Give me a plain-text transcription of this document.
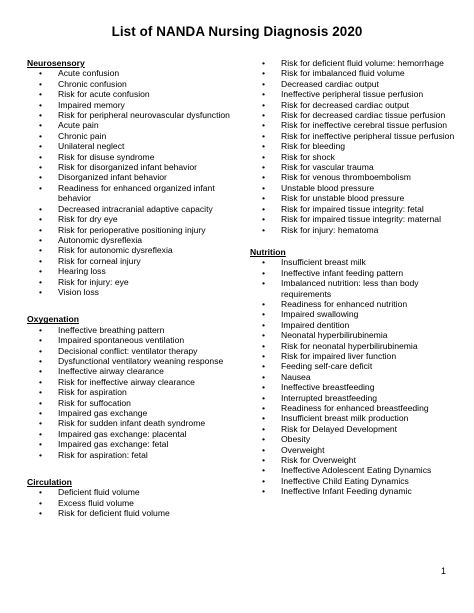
List of NANDA Nursing Diagnosis 2020
Neurosensory
• Acute confusion
• Chronic confusion
• Risk for acute confusion
• Impaired memory
• Risk for peripheral neurovascular dysfunction
• Acute pain
• Chronic pain
• Unilateral neglect
• Risk for disuse syndrome
• Risk for disorganized infant behavior
• Disorganized infant behavior
• Readiness for enhanced organized infant behavior
• Decreased intracranial adaptive capacity
• Risk for dry eye
• Risk for perioperative positioning injury
• Autonomic dysreflexia
• Risk for autonomic dysreflexia
• Risk for corneal injury
• Hearing loss
• Risk for injury: eye
• Vision loss
Oxygenation
• Ineffective breathing pattern
• Impaired spontaneous ventilation
• Decisional conflict: ventilator therapy
• Dysfunctional ventilatory weaning response
• Ineffective airway clearance
• Risk for ineffective airway clearance
• Risk for aspiration
• Risk for suffocation
• Impaired gas exchange
• Risk for sudden infant death syndrome
• Impaired gas exchange: placental
• Impaired gas exchange: fetal
• Risk for aspiration: fetal
Circulation
• Deficient fluid volume
• Excess fluid volume
• Risk for deficient fluid volume
• Risk for deficient fluid volume: hemorrhage
• Risk for imbalanced fluid volume
• Decreased cardiac output
• Ineffective peripheral tissue perfusion
• Risk for decreased cardiac output
• Risk for decreased cardiac tissue perfusion
• Risk for ineffective cerebral tissue perfusion
• Risk for ineffective peripheral tissue perfusion
• Risk for bleeding
• Risk for shock
• Risk for vascular trauma
• Risk for venous thromboembolism
• Unstable blood pressure
• Risk for unstable blood pressure
• Risk for impaired tissue integrity: fetal
• Risk for impaired tissue integrity: maternal
• Risk for injury: hematoma
Nutrition
• Insufficient breast milk
• Ineffective infant feeding pattern
• Imbalanced nutrition: less than body requirements
• Readiness for enhanced nutrition
• Impaired swallowing
• Impaired dentition
• Neonatal hyperbilirubinemia
• Risk for neonatal hyperbilirubinemia
• Risk for impaired liver function
• Feeding self-care deficit
• Nausea
• Ineffective breastfeeding
• Interrupted breastfeeding
• Readiness for enhanced breastfeeding
• Insufficient breast milk production
• Risk for Delayed Development
• Obesity
• Overweight
• Risk for Overweight
• Ineffective Adolescent Eating Dynamics
• Ineffective Child Eating Dynamics
• Ineffective Infant Feeding dynamic
1
